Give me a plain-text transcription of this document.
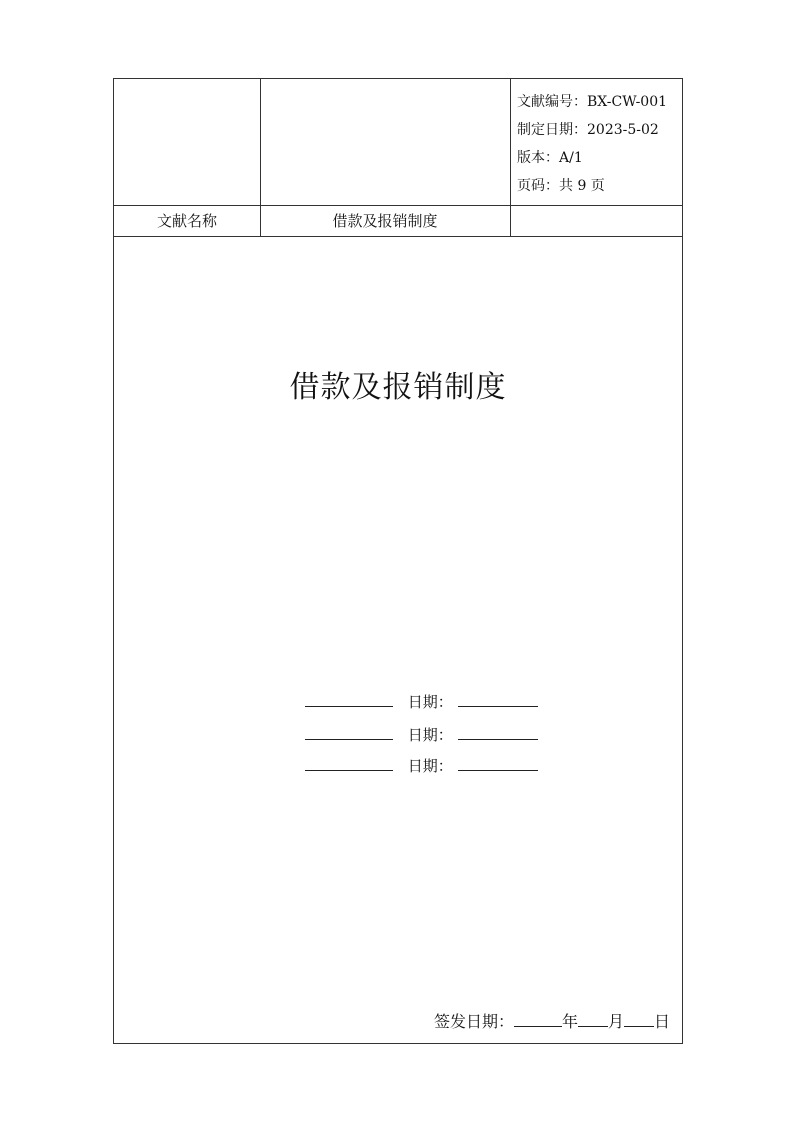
文献编号：BX-CW-001
制定日期：2023-5-02
版本：A/1
页码：共 9 页
文献名称	借款及报销制度
借款及报销制度
日期：
日期：
日期：
签发日期：	年 月 日
